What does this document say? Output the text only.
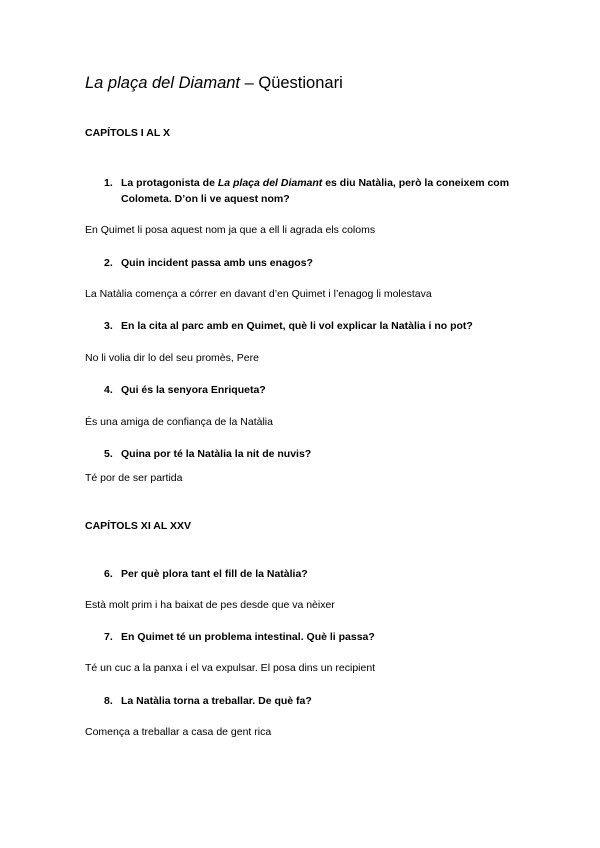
La plaça del Diamant – Qüestionari
CAPÍTOLS I AL X
1. La protagonista de La plaça del Diamant es diu Natàlia, però la coneixem com Colometa. D’on li ve aquest nom?
En Quimet li posa aquest nom ja que a ell li agrada els coloms
2. Quin incident passa amb uns enagos?
La Natàlia comença a córrer en davant d’en Quimet i l’enagog li molestava
3. En la cita al parc amb en Quimet, què li vol explicar la Natàlia i no pot?
No li volia dir lo del seu promès, Pere
4. Qui és la senyora Enriqueta?
És una amiga de confiança de la Natàlia
5. Quina por té la Natàlia la nit de nuvis?
Té por de ser partida
CAPÍTOLS XI AL XXV
6. Per què plora tant el fill de la Natàlia?
Està molt prim i ha baixat de pes desde que va nèixer
7. En Quimet té un problema intestinal. Què li passa?
Té un cuc a la panxa i el va expulsar. El posa dins un recipient
8. La Natàlia torna a treballar. De què fa?
Comença a treballar a casa de gent rica
